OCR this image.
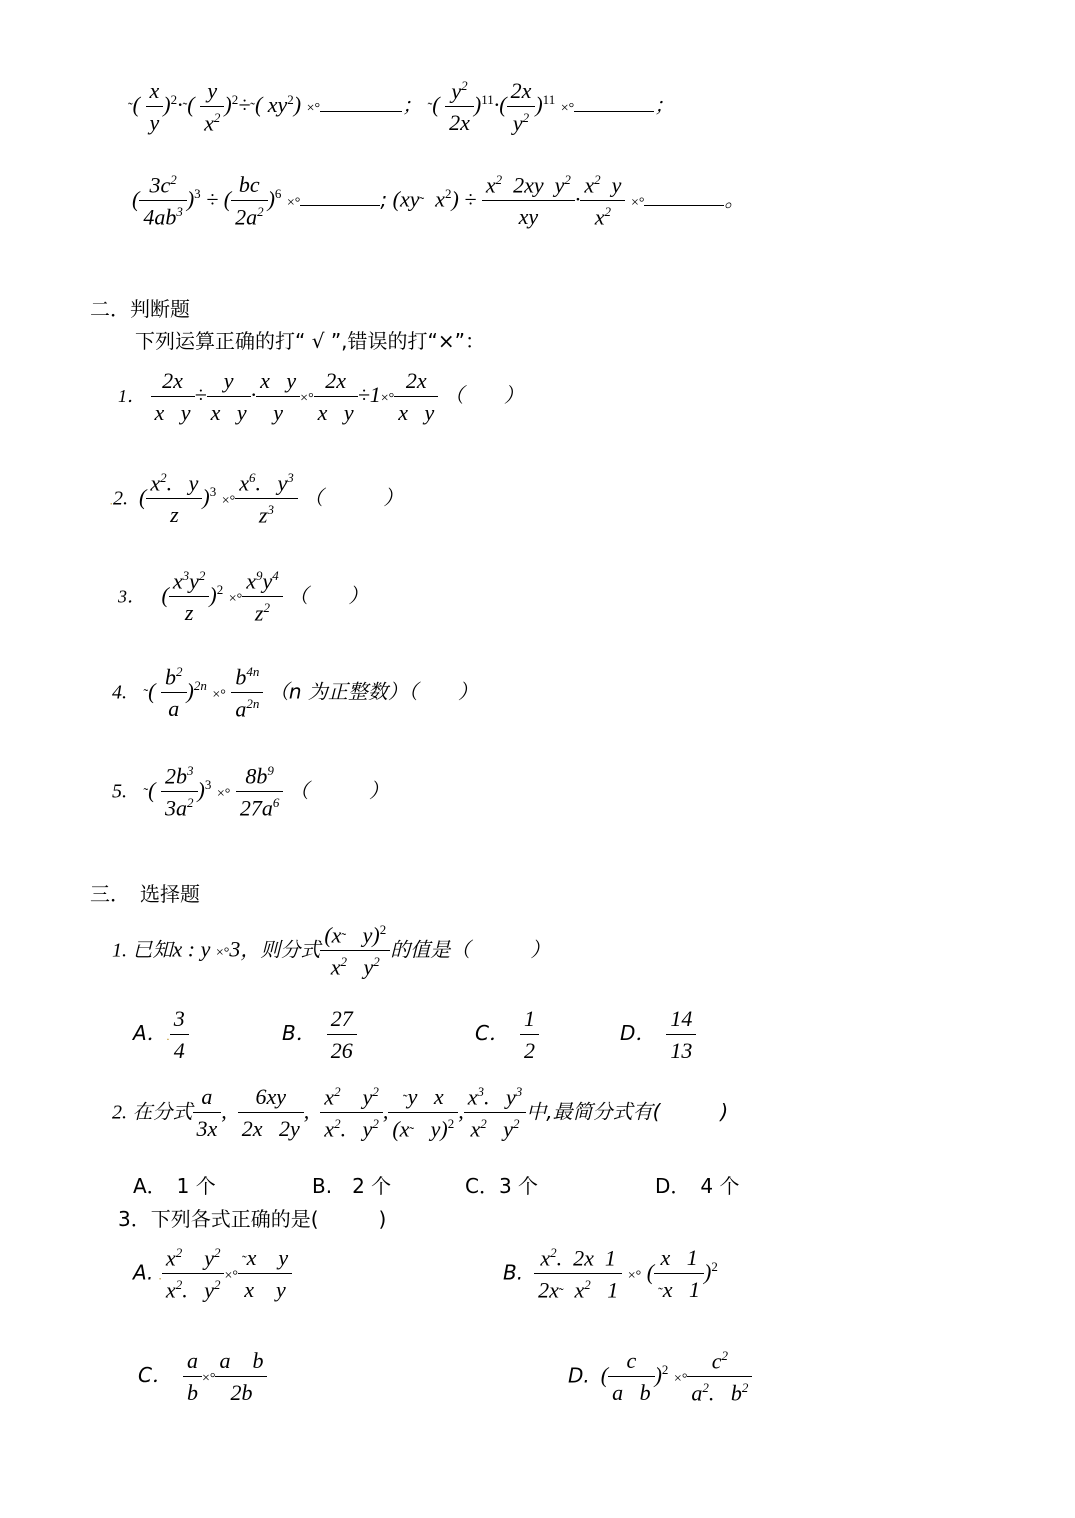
˜( $\frac{x}{y}$ )$^2$·˜( $\frac{y}{x^2}$ )$^2$÷˜( $xy^2$) ×°	； ˜( $\frac{y^2}{2x} )^{11}\cdot( \frac{2x}{y^2} )^{11}$ ×°	；
( $\frac{3c^2}{4ab^3} )^3$ ÷ ( $\frac{bc}{2a^2} )^6$ ×°	; (xy˜  $x^2) \div \frac{x^2 2xy y^2}{xy} \cdot \frac{x^2 y}{x^2}$ ×°	。
二．判断题
下列运算正确的打“ √ ”,错误的打“×”：
1． $\frac{2x}{\text{x   y}} \div \frac{y}{\text{x   y}} \cdot \frac{\text{x   y}}{y}$ ×° $\frac{2x}{\text{x   y}} \div 1\times^\circ \frac{2x}{\text{x   y}}$ （　　）
.2.  ( $\frac{x^2. y}{z} )^3$ ×° $\frac{x^6. y^3}{z^3}$ （　　　）
3．   ( $\frac{x^3y^2}{z} )^2$ ×° $\frac{x^9y^4}{z^2}$ （　　）
4. ˜( $\frac{b^2}{a} )^{2n}$ ×° $\frac{b^{4n}}{a^{2n}} (n$ 为正整数）（　　）
5. ˜( $\frac{2b^3}{3a^2} )^3$ ×° $\frac{8b^9}{27a^6}$ （　　　）
三．　选择题
1. 已知x : y ×°3，则分式 $\frac{(x˜ y)^2}{x^2 y^2}$ 的值是（　　　）
A．. $\frac{3}{4}$	B． $\frac{27}{26}$	C． $\frac{1}{2}$	D． $\frac{14}{13}$
2. 在分式 $\frac{a}{3x}$ , $\frac{6xy}{2x 2y}$ , $\frac{x^2 y^2}{x^2. y^2}$ , $\frac{\text{˜y   x}}{(x˜ y)^2}$ , $\frac{x^3. y^3}{x^2 y^2}$ 中,最简分式有(　　　)
A．　1 个	B.　2 个	C．3 个	D．　4 个
3．下列各式正确的是(　　　)
A. . $\frac{x^2 y^2}{x^2. y^2}$ ×° $\frac{\text{˜x    y}}{\text{x    y}}$	B. $\frac{x^2. 2x 1}{2x˜ x^2 1}$ ×° ( $\frac{x 1}{˜x 1} )^2$
C． $\frac{a}{b}$ ×° $\frac{\text{a    b}}{2b}$	D.  ( $\frac{c}{\text{a   b}} )^2$ ×° $\frac{c^2}{a^2. b^2}$
